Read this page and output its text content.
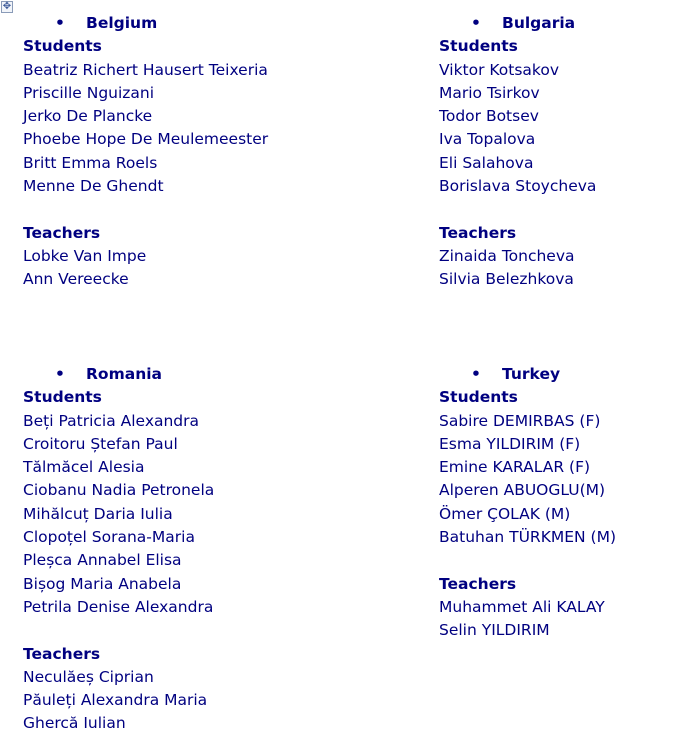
✥
• Belgium
Students
Beatriz Richert Hausert Teixeria
Priscille Nguizani
Jerko De Plancke
Phoebe Hope De Meulemeester
Britt Emma Roels
Menne De Ghendt
Teachers
Lobke Van Impe
Ann Vereecke
• Bulgaria
Students
Viktor Kotsakov
Mario Tsirkov
Todor Botsev
Iva Topalova
Eli Salahova
Borislava Stoycheva
Teachers
Zinaida Toncheva
Silvia Belezhkova
• Romania
Students
Beți Patricia Alexandra
Croitoru Ștefan Paul
Tălmăcel Alesia
Ciobanu Nadia Petronela
Mihălcuț Daria Iulia
Clopoțel Sorana-Maria
Pleșca Annabel Elisa
Bișog Maria Anabela
Petrila Denise Alexandra
Teachers
Neculăeș Ciprian
Păuleți Alexandra Maria
Ghercă Iulian
• Turkey
Students
Sabire DEMIRBAS (F)
Esma YILDIRIM (F)
Emine KARALAR (F)
Alperen ABUOGLU(M)
Ömer ÇOLAK (M)
Batuhan TÜRKMEN (M)
Teachers
Muhammet Ali KALAY
Selin YILDIRIM
